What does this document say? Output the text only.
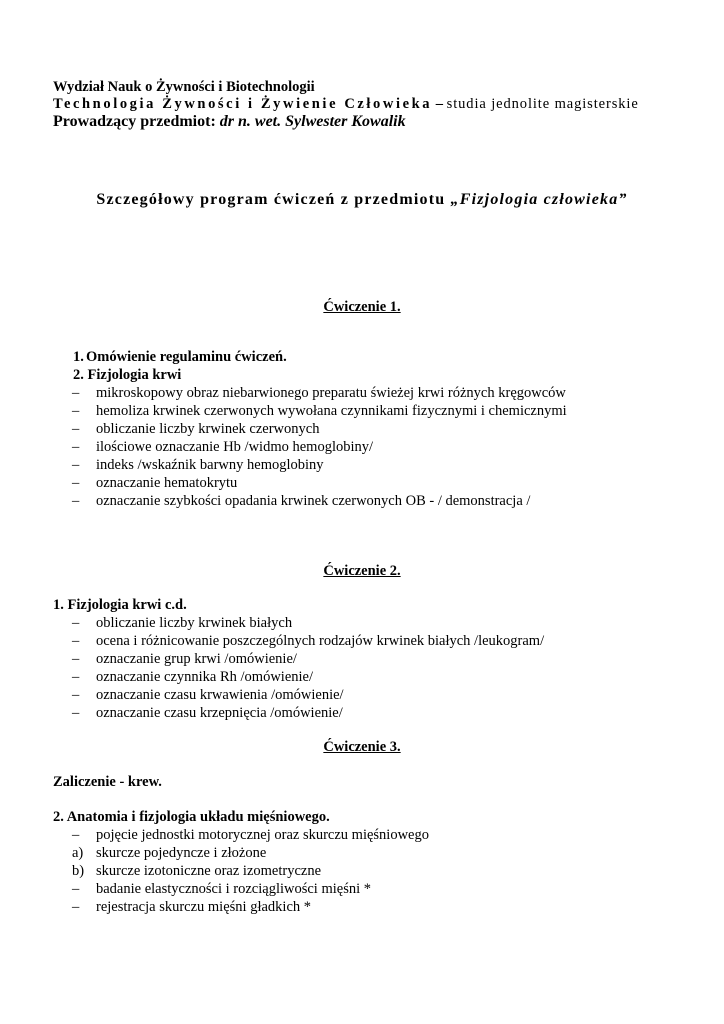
Wydział Nauk o Żywności i Biotechnologii
Technologia Żywności i Żywienie Człowieka – studia jednolite magisterskie
Prowadzący przedmiot: dr n. wet. Sylwester Kowalik
Szczegółowy program ćwiczeń z przedmiotu „Fizjologia człowieka”
Ćwiczenie 1.
1. Omówienie regulaminu ćwiczeń.
2. Fizjologia krwi
– mikroskopowy obraz niebarwionego preparatu świeżej krwi różnych kręgowców
– hemoliza krwinek czerwonych wywołana czynnikami fizycznymi i chemicznymi
– obliczanie liczby krwinek czerwonych
– ilościowe oznaczanie Hb /widmo hemoglobiny/
– indeks /wskaźnik barwny hemoglobiny
– oznaczanie hematokrytu
– oznaczanie szybkości opadania krwinek czerwonych OB - / demonstracja /
Ćwiczenie 2.
1. Fizjologia krwi c.d.
– obliczanie liczby krwinek białych
– ocena i różnicowanie poszczególnych rodzajów krwinek białych /leukogram/
– oznaczanie grup krwi /omówienie/
– oznaczanie czynnika Rh /omówienie/
– oznaczanie czasu krwawienia /omówienie/
– oznaczanie czasu krzepnięcia /omówienie/
Ćwiczenie 3.
Zaliczenie - krew.
2. Anatomia i fizjologia układu mięśniowego.
– pojęcie jednostki motorycznej oraz skurczu mięśniowego
a) skurcze pojedyncze i złożone
b) skurcze izotoniczne oraz izometryczne
– badanie elastyczności i rozciągliwości mięśni *
– rejestracja skurczu mięśni gładkich *
